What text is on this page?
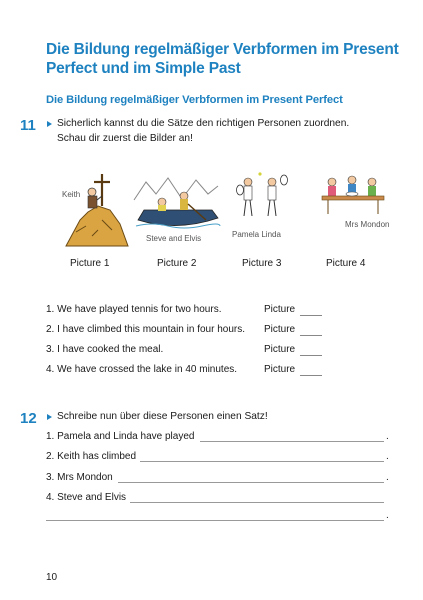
Die Bildung regelmäßiger Verbformen im Present Perfect und im Simple Past
Die Bildung regelmäßiger Verbformen im Present Perfect
11 Sicherlich kannst du die Sätze den richtigen Personen zuordnen.
Schau dir zuerst die Bilder an!
Keith
Steve and Elvis	Pamela Linda
Mrs Mondon
Picture 1	Picture 2	Picture 3	Picture 4
1. We have played tennis for two hours.	Picture
2. I have climbed this mountain in four hours. Picture
3. I have cooked the meal.	Picture
4. We have crossed the lake in 40 minutes.	Picture
12 Schreibe nun über diese Personen einen Satz!
1. Pamela and Linda have played	.
2. Keith has climbed	.
3. Mrs Mondon	.
4. Steve and Elvis
.
10
